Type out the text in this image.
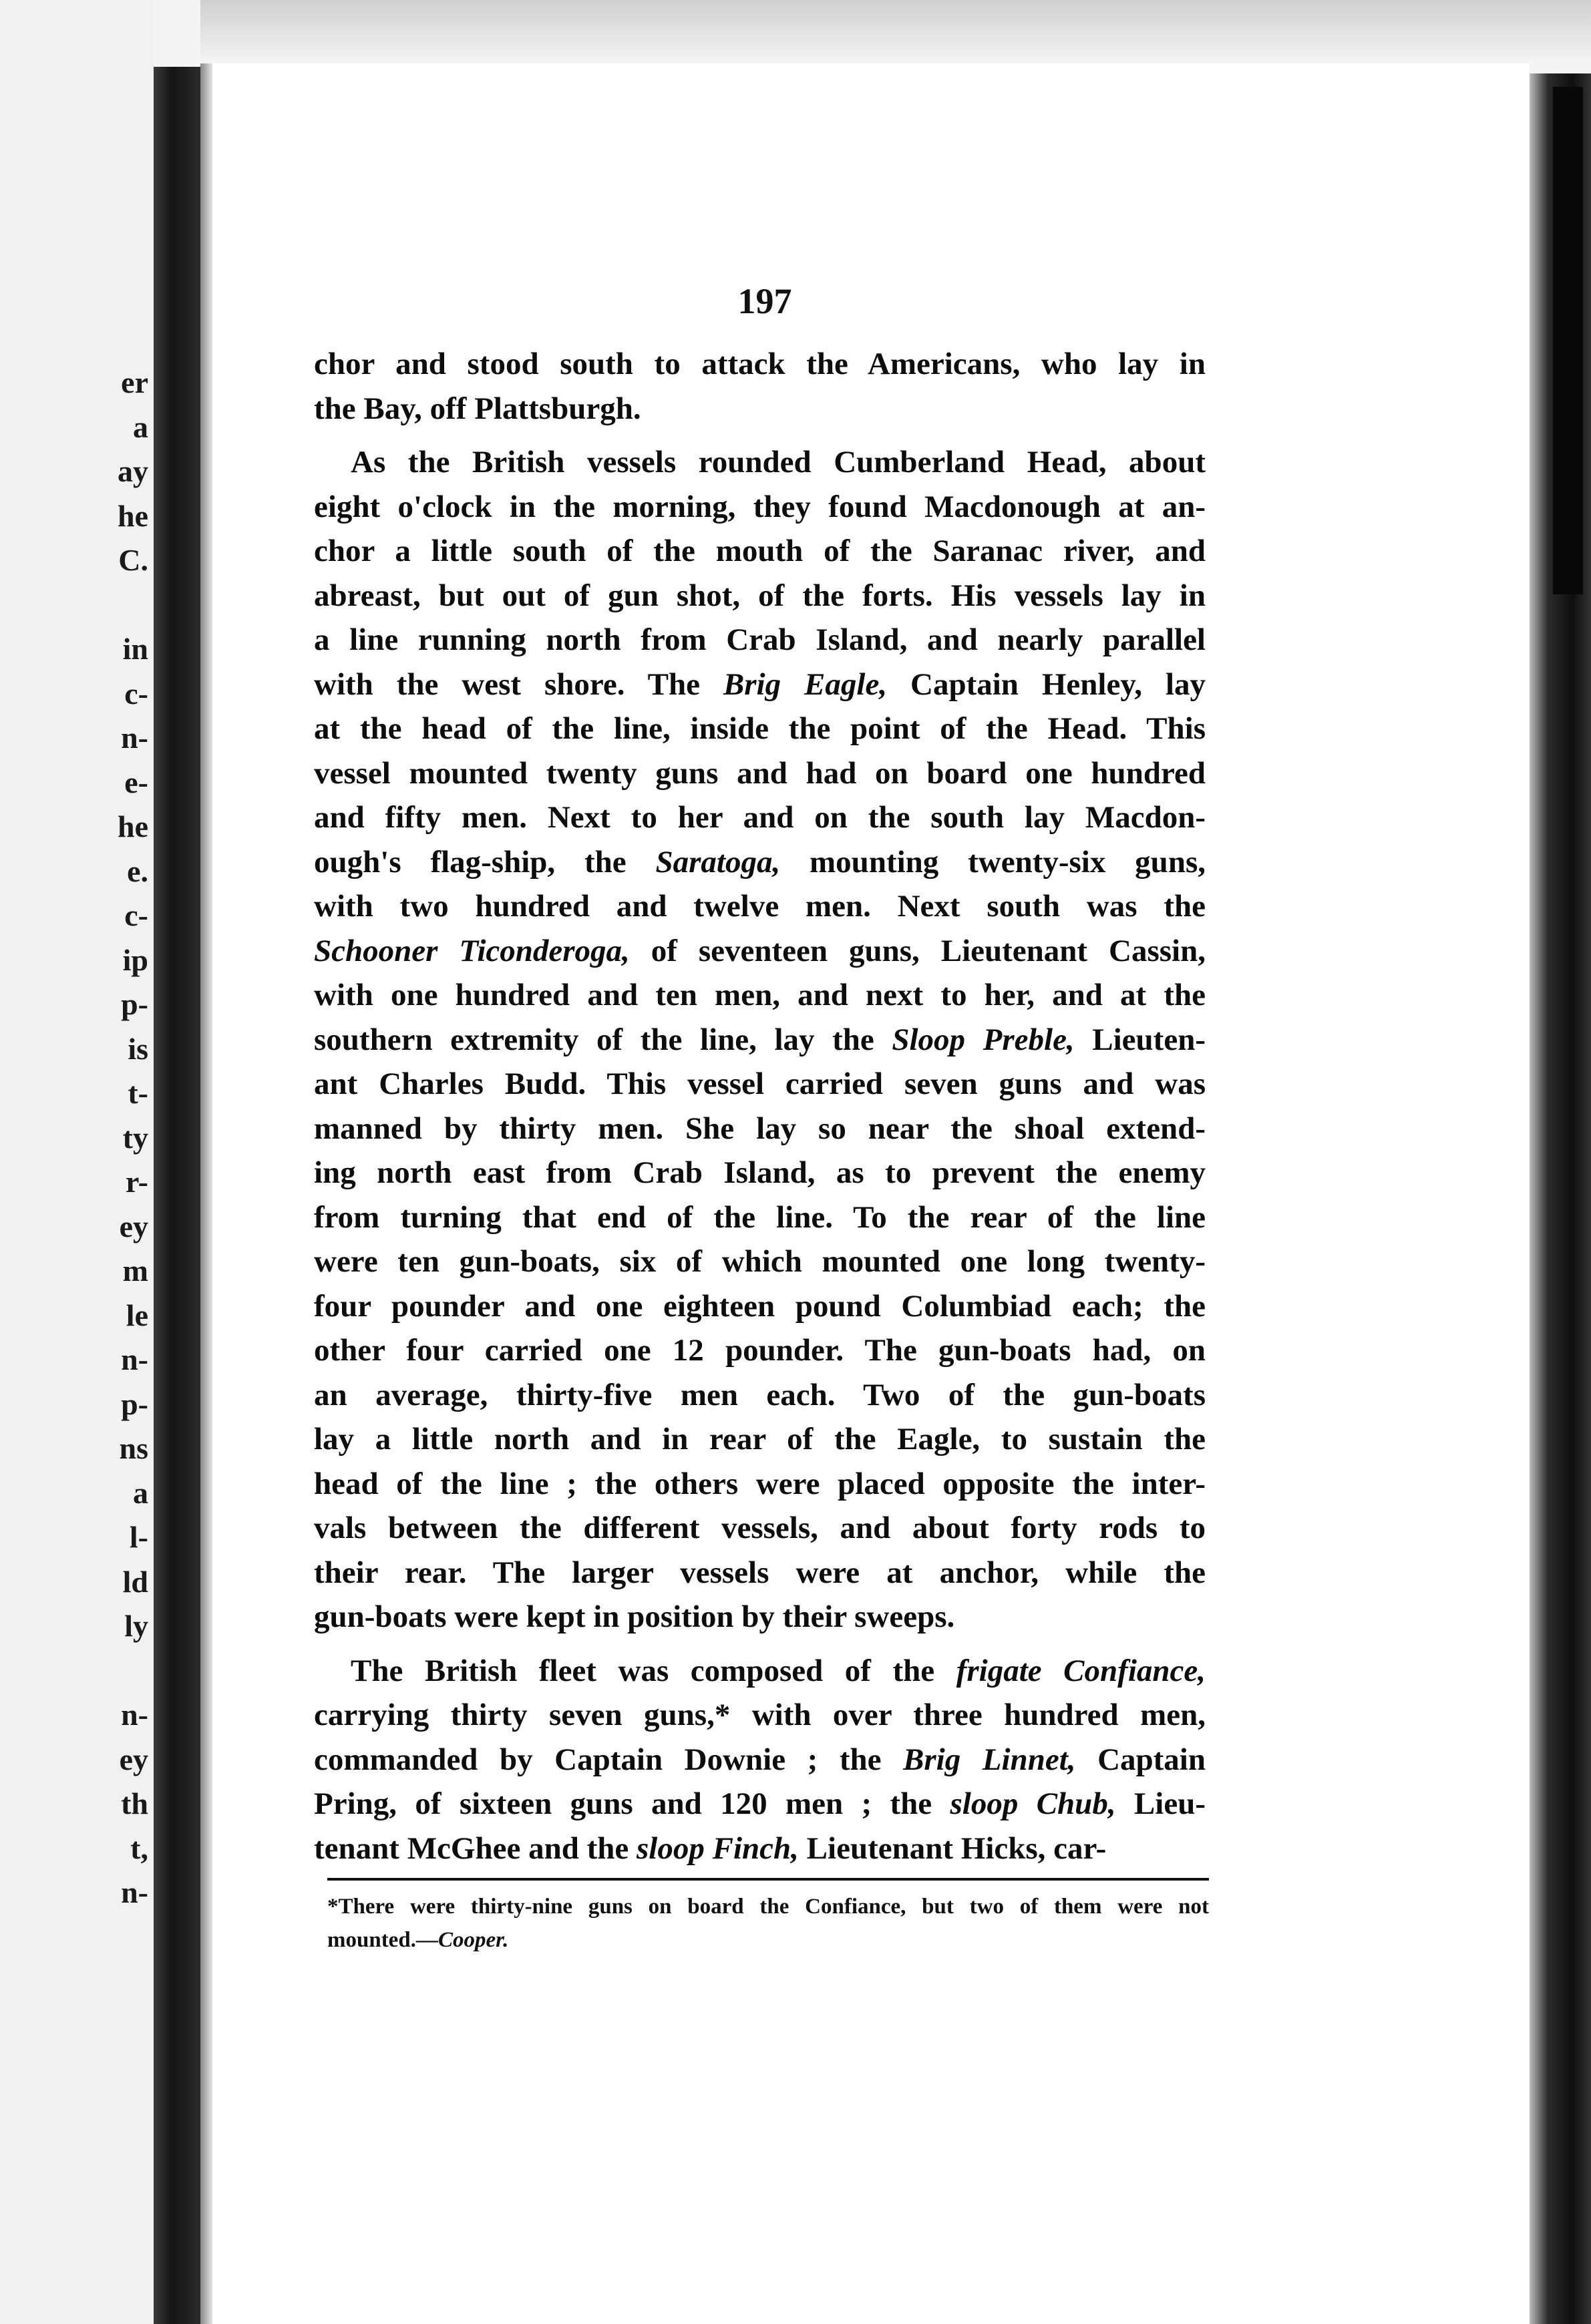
er
a
ay
he
C.

in
c-
n-
e-
he
e.
c-
ip
p-
is
t-
ty
r-
ey
m
le
n-
p-
ns
a
l-
ld
ly

n-
ey
th
t,
n-
197
chor and stood south to attack the Americans, who lay in
the Bay, off Plattsburgh.
As the British vessels rounded Cumberland Head, about
eight o'clock in the morning, they found Macdonough at an-
chor a little south of the mouth of the Saranac river, and
abreast, but out of gun shot, of the forts. His vessels lay in
a line running north from Crab Island, and nearly parallel
with the west shore. The Brig Eagle, Captain Henley, lay
at the head of the line, inside the point of the Head. This
vessel mounted twenty guns and had on board one hundred
and fifty men. Next to her and on the south lay Macdon-
ough's flag-ship, the Saratoga, mounting twenty-six guns,
with two hundred and twelve men. Next south was the
Schooner Ticonderoga, of seventeen guns, Lieutenant Cassin,
with one hundred and ten men, and next to her, and at the
southern extremity of the line, lay the Sloop Preble, Lieuten-
ant Charles Budd. This vessel carried seven guns and was
manned by thirty men. She lay so near the shoal extend-
ing north east from Crab Island, as to prevent the enemy
from turning that end of the line. To the rear of the line
were ten gun-boats, six of which mounted one long twenty-
four pounder and one eighteen pound Columbiad each; the
other four carried one 12 pounder. The gun-boats had, on
an average, thirty-five men each. Two of the gun-boats
lay a little north and in rear of the Eagle, to sustain the
head of the line ; the others were placed opposite the inter-
vals between the different vessels, and about forty rods to
their rear. The larger vessels were at anchor, while the
gun-boats were kept in position by their sweeps.
The British fleet was composed of the frigate Confiance,
carrying thirty seven guns,* with over three hundred men,
commanded by Captain Downie ; the Brig Linnet, Captain
Pring, of sixteen guns and 120 men ; the sloop Chub, Lieu-
tenant McGhee and the sloop Finch, Lieutenant Hicks, car-
*There were thirty-nine guns on board the Confiance, but two of them were not
mounted.—Cooper.
